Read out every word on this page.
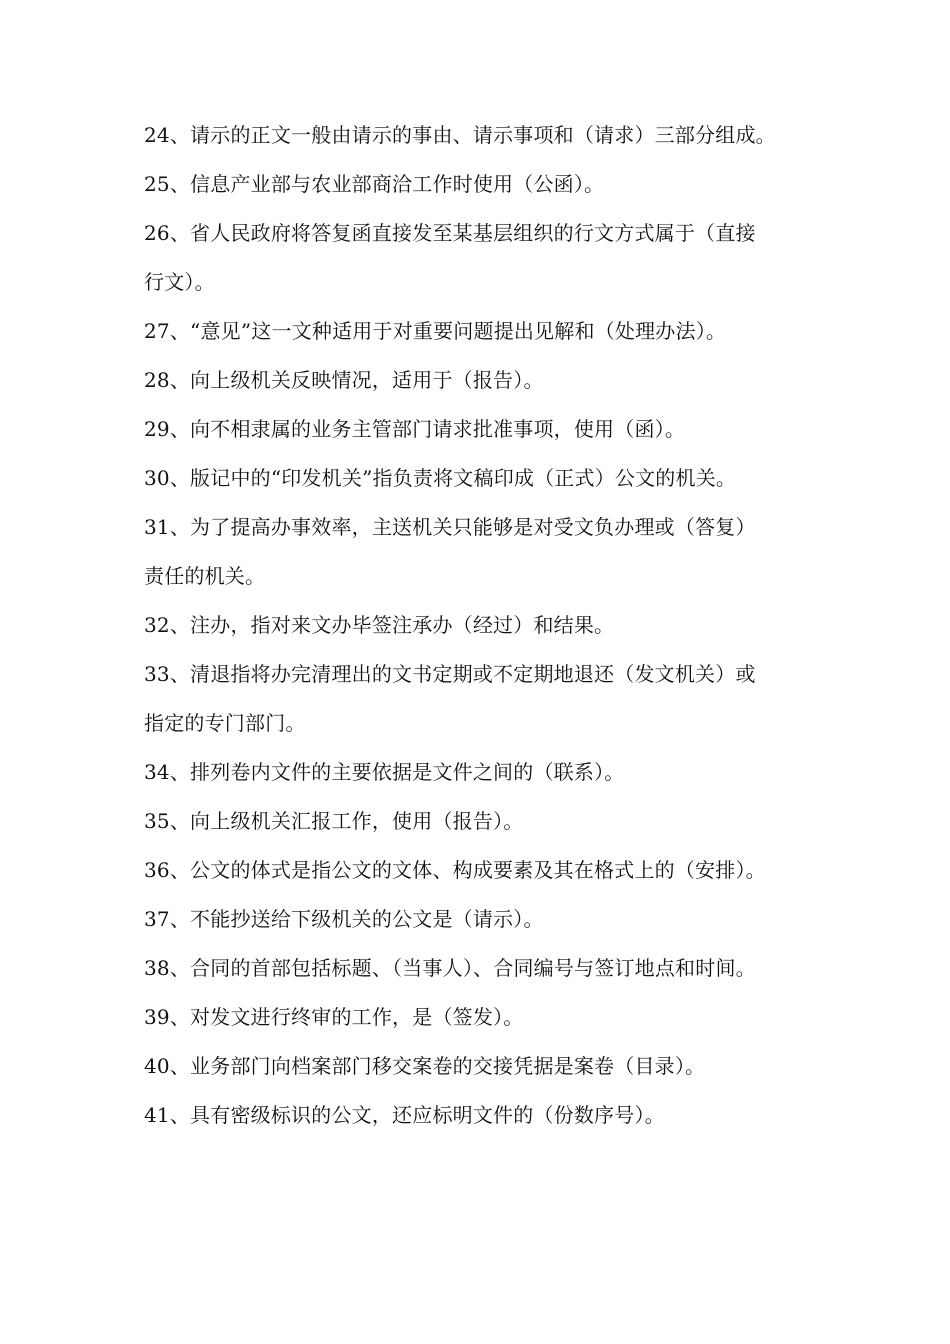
24、请示的正文一般由请示的事由、请示事项和（请求）三部分组成。
25、信息产业部与农业部商洽工作时使用（公函）。
26、省人民政府将答复函直接发至某基层组织的行文方式属于（直接
行文）。
27、“意见”这一文种适用于对重要问题提出见解和（处理办法）。
28、向上级机关反映情况，适用于（报告）。
29、向不相隶属的业务主管部门请求批准事项，使用（函）。
30、版记中的“印发机关”指负责将文稿印成（正式）公文的机关。
31、为了提高办事效率，主送机关只能够是对受文负办理或（答复）
责任的机关。
32、注办，指对来文办毕签注承办（经过）和结果。
33、清退指将办完清理出的文书定期或不定期地退还（发文机关）或
指定的专门部门。
34、排列卷内文件的主要依据是文件之间的（联系）。
35、向上级机关汇报工作，使用（报告）。
36、公文的体式是指公文的文体、构成要素及其在格式上的（安排）。
37、不能抄送给下级机关的公文是（请示）。
38、合同的首部包括标题、（当事人）、合同编号与签订地点和时间。
39、对发文进行终审的工作，是（签发）。
40、业务部门向档案部门移交案卷的交接凭据是案卷（目录）。
41、具有密级标识的公文，还应标明文件的（份数序号）。
